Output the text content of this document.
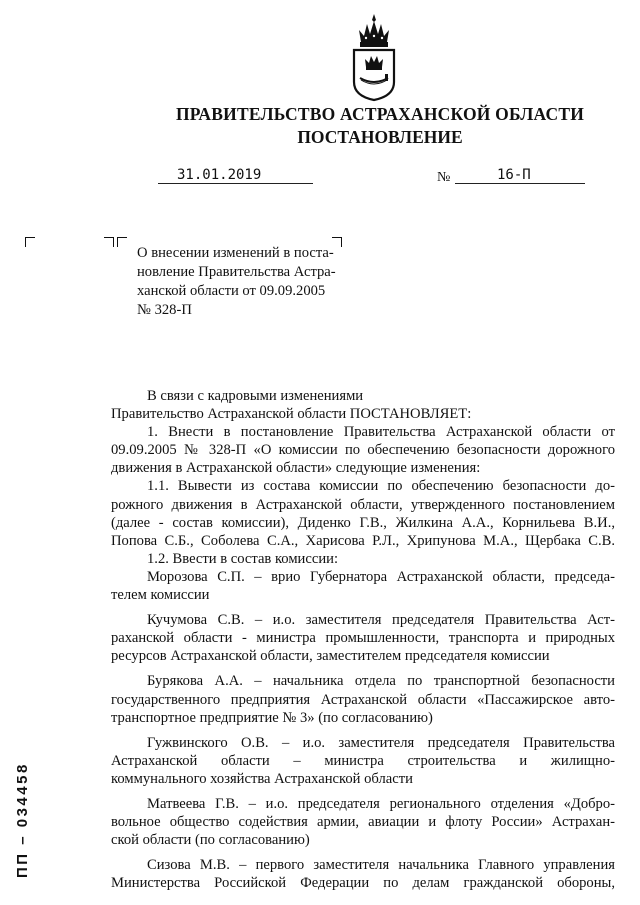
ПРАВИТЕЛЬСТВО АСТРАХАНСКОЙ ОБЛАСТИ
ПОСТАНОВЛЕНИЕ
31.01.2019	№	16-П
О внесении изменений в поста-
новление Правительства Астра-
ханской области от 09.09.2005
№ 328-П
В связи с кадровыми изменениями
Правительство Астраханской области ПОСТАНОВЛЯЕТ:
1. Внести в постановление Правительства Астраханской области от
09.09.2005 № 328-П «О комиссии по обеспечению безопасности дорожного
движения в Астраханской области» следующие изменения:
1.1. Вывести из состава комиссии по обеспечению безопасности до-
рожного движения в Астраханской области, утвержденного постановлением
(далее - состав комиссии), Диденко Г.В., Жилкина А.А., Корнильева В.И.,
Попова С.Б., Соболева С.А., Харисова Р.Л., Хрипунова М.А., Щербака С.В.
1.2. Ввести в состав комиссии:
Морозова С.П. – врио Губернатора Астраханской области, председа-
телем комиссии
Кучумова С.В. – и.о. заместителя председателя Правительства Аст-
раханской области - министра промышленности, транспорта и природных
ресурсов Астраханской области, заместителем председателя комиссии
Бурякова А.А. – начальника отдела по транспортной безопасности
государственного предприятия Астраханской области «Пассажирское авто-
транспортное предприятие № 3» (по согласованию)
Гужвинского О.В. – и.о. заместителя председателя Правительства
Астраханской области – министра строительства и жилищно-
коммунального хозяйства Астраханской области
Матвеева Г.В. – и.о. председателя регионального отделения «Добро-
вольное общество содействия армии, авиации и флоту России» Астрахан-
ской области (по согласованию)
Сизова М.В. – первого заместителя начальника Главного управления
Министерства Российской Федерации по делам гражданской обороны,
ПП – 034458
